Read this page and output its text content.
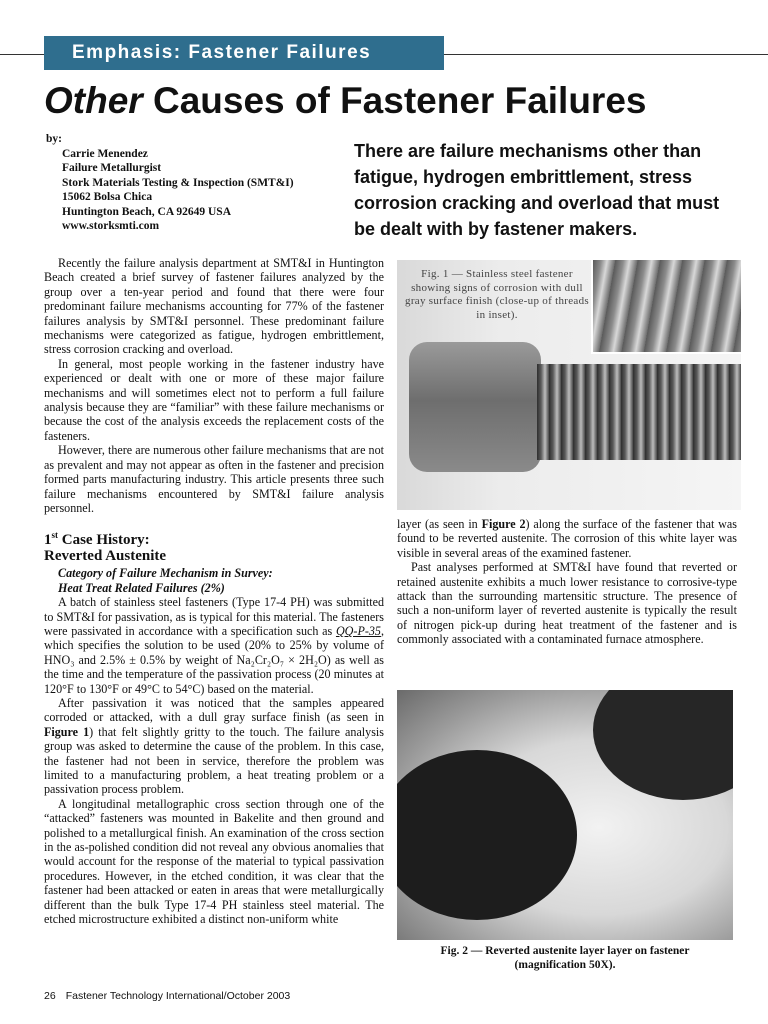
Emphasis: Fastener Failures
Other Causes of Fastener Failures
by:
Carrie Menendez
Failure Metallurgist
Stork Materials Testing & Inspection (SMT&I)
15062 Bolsa Chica
Huntington Beach, CA 92649 USA
www.storksmti.com

There are failure mechanisms other than fatigue, hydrogen embrittlement, stress corrosion cracking and overload that must be dealt with by fastener makers.

Recently the failure analysis department at SMT&I in Huntington Beach created a brief survey of fastener failures analyzed by the group over a ten-year period and found that there were four predominant failure mechanisms accounting for 77% of the fastener failures analysis by SMT&I personnel. These predominant failure mechanisms were categorized as fatigue, hydrogen embrittlement, stress corrosion cracking and overload.

In general, most people working in the fastener industry have experienced or dealt with one or more of these major failure mechanisms and will sometimes elect not to perform a full failure analysis because they are “familiar” with these failure mechanisms or because the cost of the analysis exceeds the replacement costs of the fasteners.

However, there are numerous other failure mechanisms that are not as prevalent and may not appear as often in the fastener and precision formed parts manufacturing industry. This article presents three such failure mechanisms encountered by SMT&I failure analysis personnel.

1st Case History:
Reverted Austenite
Category of Failure Mechanism in Survey:
Heat Treat Related Failures (2%)

A batch of stainless steel fasteners (Type 17-4 PH) was submitted to SMT&I for passivation, as is typical for this material. The fasteners were passivated in accordance with a specification such as QQ-P-35, which specifies the solution to be used (20% to 25% by volume of HNO₃ and 2.5% ± 0.5% by weight of Na₂Cr₂O₇ × 2H₂O) as well as the time and the temperature of the passivation process (20 minutes at 120°F to 130°F or 49°C to 54°C) based on the material.

After passivation it was noticed that the samples appeared corroded or attacked, with a dull gray surface finish (as seen in Figure 1) that felt slightly gritty to the touch. The failure analysis group was asked to determine the cause of the problem. In this case, the fastener had not been in service, therefore the problem was limited to a manufacturing problem, a heat treating problem or a passivation process problem.

A longitudinal metallographic cross section through one of the “attacked” fasteners was mounted in Bakelite and then ground and polished to a metallurgical finish. An examination of the cross section in the as-polished condition did not reveal any obvious anomalies that would account for the response of the material to typical passivation procedures. However, in the etched condition, it was clear that the fastener had been attacked or eaten in areas that were metallurgically different than the bulk Type 17-4 PH stainless steel material. The etched microstructure exhibited a distinct non-uniform white

Fig. 1 — Stainless steel fastener showing signs of corrosion with dull gray surface finish (close-up of threads in inset).

layer (as seen in Figure 2) along the surface of the fastener that was found to be reverted austenite. The corrosion of this white layer was visible in several areas of the examined fastener.

Past analyses performed at SMT&I have found that reverted or retained austenite exhibits a much lower resistance to corrosive-type attack than the surrounding martensitic structure. The presence of such a non-uniform layer of reverted austenite is typically the result of nitrogen pick-up during heat treatment of the fastener and is commonly associated with a contaminated furnace atmosphere.

Fig. 2 — Reverted austenite layer layer on fastener (magnification 50X).
26 Fastener Technology International/October 2003
